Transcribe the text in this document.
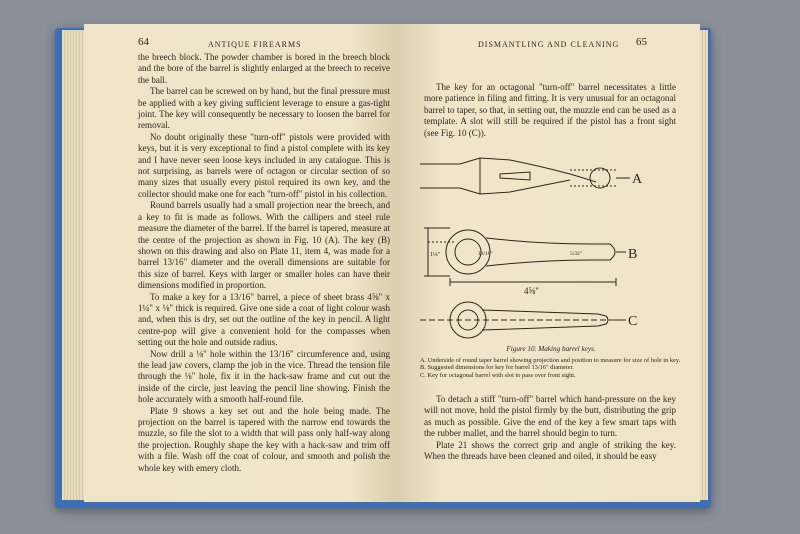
64	ANTIQUE FIREARMS

the breech block. The powder chamber is bored in the breech block and the bore of the barrel is slightly enlarged at the breech to receive the ball.

The barrel can be screwed on by hand, but the final pressure must be applied with a key giving sufficient leverage to ensure a gas-tight joint. The key will consequently be necessary to loosen the barrel for removal.

No doubt originally these "turn-off" pistols were provided with keys, but it is very exceptional to find a pistol complete with its key and I have never seen loose keys included in any catalogue. This is not surprising, as barrels were of octagon or circular section of so many sizes that usually every pistol required its own key, and the collector should make one for each "turn-off" pistol in his collection.

Round barrels usually had a small projection near the breech, and a key to fit is made as follows. With the callipers and steel rule measure the diameter of the barrel. If the barrel is tapered, measure at the centre of the projection as shown in Fig. 10 (A). The key (B) shown on this drawing and also on Plate 11, item 4, was made for a barrel 13/16" diameter and the overall dimensions are suitable for this size of barrel. Keys with larger or smaller holes can have their dimensions modified in proportion.

To make a key for a 13/16" barrel, a piece of sheet brass 4⅝" x 1¼" x ⅛" thick is required. Give one side a coat of light colour wash and, when this is dry, set out the outline of the key in pencil. A light centre-pop will give a convenient hold for the compasses when setting out the hole and outside radius.

Now drill a ⅛" hole within the 13/16" circumference and, using the lead jaw covers, clamp the job in the vice. Thread the tension file through the ⅛" hole, fix it in the hack-saw frame and cut out the inside of the circle, just leaving the pencil line showing. Finish the hole accurately with a smooth half-round file.

Plate 9 shows a key set out and the hole being made. The projection on the barrel is tapered with the narrow end towards the muzzle, so file the slot to a width that will pass only half-way along the projection. Roughly shape the key with a hack-saw and trim off with a file. Wash off the coat of colour, and smooth and polish the whole key with emery cloth.

DISMANTLING AND CLEANING 65

The key for an octagonal "turn-off" barrel necessitates a little more patience in filing and fitting. It is very unusual for an octagonal barrel to taper, so that, in setting out, the muzzle end can be used as a template. A slot will still be required if the pistol has a front sight (see Fig. 10 (C)).

A
1⅛"	13/16"	5/32"
4⅝"
B
C
Figure 10. Making barrel keys.

A. Underside of round taper barrel showing projection and position to measure for size of hole in key.

B. Suggested dimensions for key for barrel 13/16" diameter.

C. Key for octagonal barrel with slot to pass over front sight.

To detach a stiff "turn-off" barrel which hand-pressure on the key will not move, hold the pistol firmly by the butt, distributing the grip as much as possible. Give the end of the key a few smart taps with the rubber mallet, and the barrel should begin to turn.

Plate 21 shows the correct grip and angle of striking the key. When the threads have been cleaned and oiled, it should be easy
